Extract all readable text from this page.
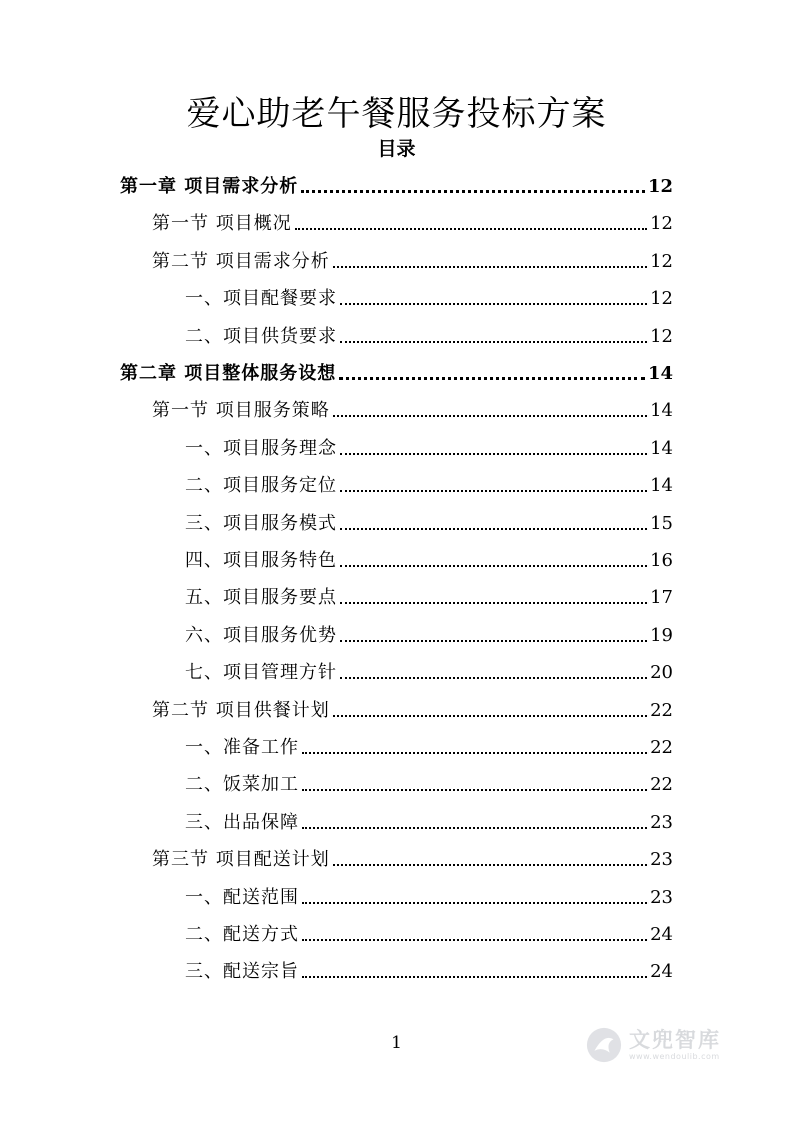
爱心助老午餐服务投标方案
目录
第一章 项目需求分析	12
第一节 项目概况	12
第二节 项目需求分析	12
一、项目配餐要求	12
二、项目供货要求	12
第二章 项目整体服务设想	14
第一节 项目服务策略	14
一、项目服务理念	14
二、项目服务定位	14
三、项目服务模式	15
四、项目服务特色	16
五、项目服务要点	17
六、项目服务优势	19
七、项目管理方针	20
第二节 项目供餐计划	22
一、准备工作	22
二、饭菜加工	22
三、出品保障	23
第三节 项目配送计划	23
一、配送范围	23
二、配送方式	24
三、配送宗旨	24
1	文兜智库
www.wendoulib.com
